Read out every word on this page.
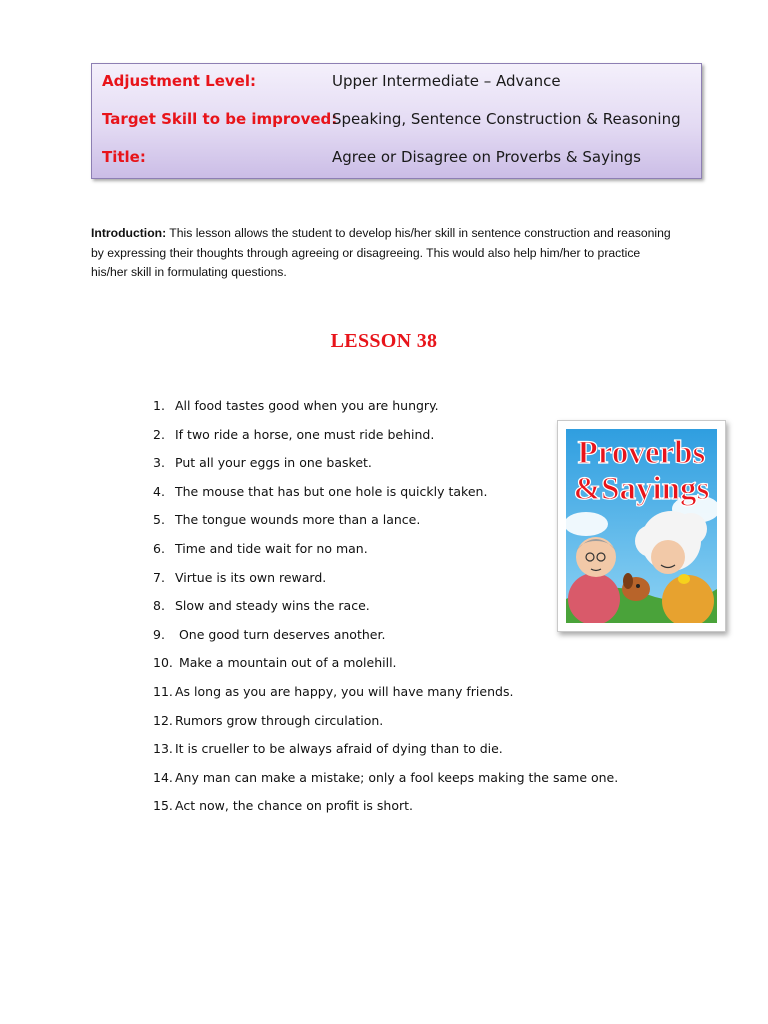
Adjustment Level:	Upper Intermediate – Advance
Target Skill to be improved:
Speaking, Sentence Construction & Reasoning
Title:	Agree or Disagree on Proverbs & Sayings

Introduction: This lesson allows the student to develop his/her skill in sentence construction and reasoning by expressing their thoughts through agreeing or disagreeing. This would also help him/her to practice his/her skill in formulating questions.

LESSON 38
1. All food tastes good when you are hungry.
2. If two ride a horse, one must ride behind.
3. Put all your eggs in one basket.
4. The mouse that has but one hole is quickly taken.
5. The tongue wounds more than a lance.
6. Time and tide wait for no man.
7. Virtue is its own reward.
8. Slow and steady wins the race.
9. One good turn deserves another.
10. Make a mountain out of a molehill.
11. As long as you are happy, you will have many friends.
12. Rumors grow through circulation.
13. It is crueller to be always afraid of dying than to die.
14. Any man can make a mistake; only a fool keeps making the same one.
15. Act now, the chance on profit is short.
Proverbs
&Sayings
